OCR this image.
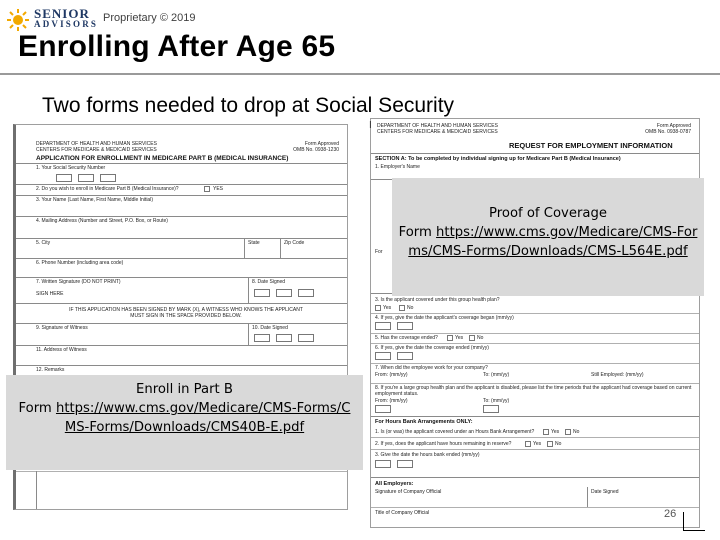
SENIOR
ADVISORS Proprietary © 2019
Enrolling After Age 65
Two forms needed to drop at Social Security
DEPARTMENT OF HEALTH AND HUMAN SERVICES
CENTERS FOR MEDICARE & MEDICAID SERVICES
Form Approved
OMB No. 0938-1230
APPLICATION FOR ENROLLMENT IN MEDICARE PART B (MEDICAL INSURANCE)
1. Your Social Security Number
2. Do you wish to enroll in Medicare Part B (Medical Insurance)?	YES
3. Your Name (Last Name, First Name, Middle Initial)
4. Mailing Address (Number and Street, P.O. Box, or Route)
5. City	State	Zip Code
6. Phone Number (including area code)
7. Written Signature (DO NOT PRINT)
SIGN HERE
8. Date Signed
IF THIS APPLICATION HAS BEEN SIGNED BY MARK (X), A WITNESS WHO KNOWS THE APPLICANT MUST SIGN IN THE SPACE PROVIDED BELOW.
9. Signature of Witness	10. Date Signed
11. Address of Witness
12. Remarks
DEPARTMENT OF HEALTH AND HUMAN SERVICES
CENTERS FOR MEDICARE & MEDICAID SERVICES
Form Approved
OMB No. 0938-0787
REQUEST FOR EMPLOYMENT INFORMATION
SECTION A: To be completed by individual signing up for Medicare Part B (Medical Insurance)
1. Employer's Name
For
3. Is the applicant covered under this group health plan?
Yes	No
4. If yes, give the date the applicant's coverage began (mm/yy)
5. Has the coverage ended?	Yes	No
6. If yes, give the date the coverage ended (mm/yy)
7. When did the employee work for your company?
From: (mm/yy)	To: (mm/yy)	Still Employed: (mm/yy)
8. If you're a large group health plan and the applicant is disabled, please list the time periods that the applicant had coverage based on current employment status.
From: (mm/yy)	To: (mm/yy)
For Hours Bank Arrangements ONLY:
1. Is (or was) the applicant covered under an Hours Bank Arrangement?	Yes	No
2. If yes, does the applicant have hours remaining in reserve?	Yes	No
3. Give the date the hours bank ended (mm/yy)
All Employers:
Signature of Company Official	Date Signed
Title of Company Official
I
Proof of Coverage
Form https://www.cms.gov/Medicare/CMS-Forms/CMS-Forms/Downloads/CMS-L564E.pdf
Enroll in Part B
Form https://www.cms.gov/Medicare/CMS-Forms/CMS-Forms/Downloads/CMS40B-E.pdf
26
